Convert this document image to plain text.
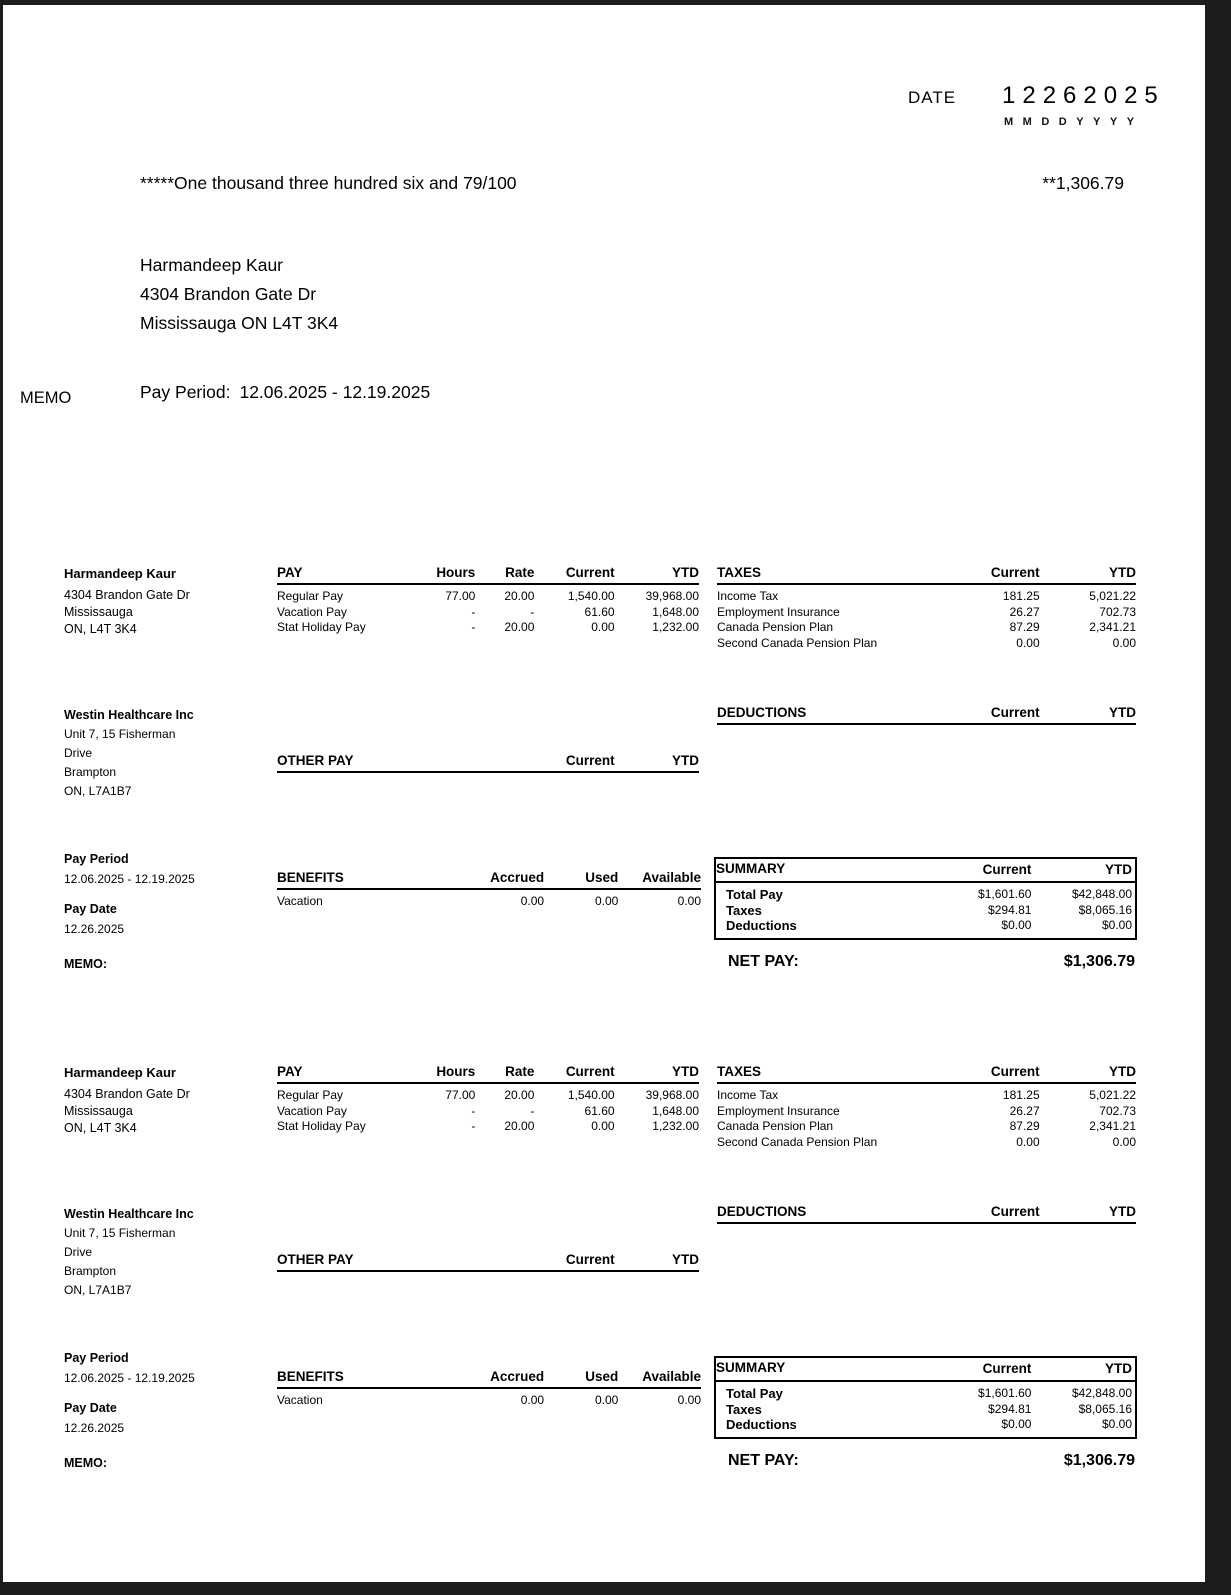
DATE 12262025
MMDDYYYY
*****One thousand three hundred six and 79/100	**1,306.79
Harmandeep Kaur
4304 Brandon Gate Dr
Mississauga ON L4T 3K4
MEMO	Pay Period: 12.06.2025 - 12.19.2025
Harmandeep Kaur
4304 Brandon Gate Dr
Mississauga
ON, L4T 3K4
Westin Healthcare Inc
Unit 7, 15 Fisherman
Drive
Brampton
ON, L7A1B7
Pay Period
12.06.2025 - 12.19.2025
Pay Date
12.26.2025
MEMO:
PAY	Hours	Rate	Current	YTD
Regular Pay	77.00	20.00	1,540.00	39,968.00
Vacation Pay	-	-	61.60	1,648.00
Stat Holiday Pay	-	20.00	0.00	1,232.00
TAXES	Current	YTD
Income Tax	181.25	5,021.22
Employment Insurance	26.27	702.73
Canada Pension Plan	87.29	2,341.21
Second Canada Pension Plan	0.00	0.00
DEDUCTIONS	Current	YTD
OTHER PAY	Current	YTD
BENEFITS	Accrued	Used	Available
Vacation	0.00	0.00	0.00
SUMMARY	Current	YTD
Total Pay	$1,601.60	$42,848.00
Taxes	$294.81	$8,065.16
Deductions	$0.00	$0.00
NET PAY:	$1,306.79
Harmandeep Kaur
4304 Brandon Gate Dr
Mississauga
ON, L4T 3K4
Westin Healthcare Inc
Unit 7, 15 Fisherman
Drive
Brampton
ON, L7A1B7
Pay Period
12.06.2025 - 12.19.2025
Pay Date
12.26.2025
MEMO:
PAY	Hours	Rate	Current	YTD
Regular Pay	77.00	20.00	1,540.00	39,968.00
Vacation Pay	-	-	61.60	1,648.00
Stat Holiday Pay	-	20.00	0.00	1,232.00
TAXES	Current	YTD
Income Tax	181.25	5,021.22
Employment Insurance	26.27	702.73
Canada Pension Plan	87.29	2,341.21
Second Canada Pension Plan	0.00	0.00
DEDUCTIONS	Current	YTD
OTHER PAY	Current	YTD
BENEFITS	Accrued	Used	Available
Vacation	0.00	0.00	0.00
SUMMARY	Current	YTD
Total Pay	$1,601.60	$42,848.00
Taxes	$294.81	$8,065.16
Deductions	$0.00	$0.00
NET PAY:	$1,306.79
